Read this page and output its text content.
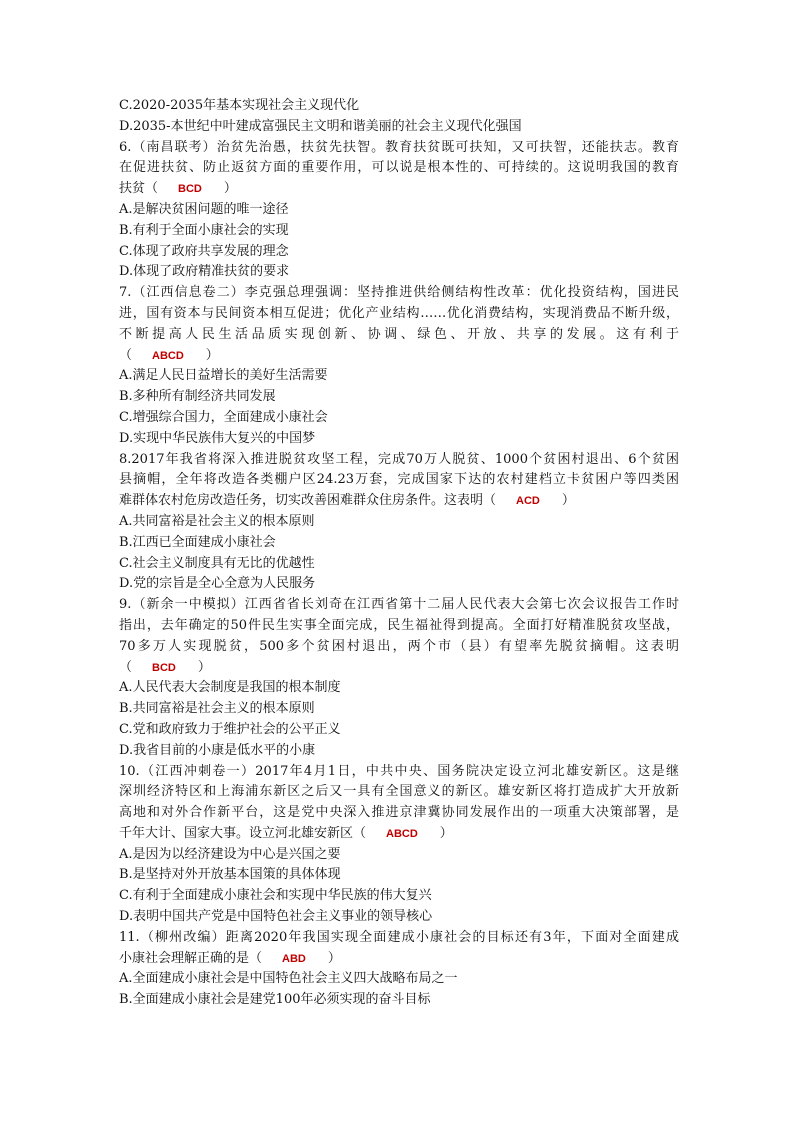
C.2020-2035年基本实现社会主义现代化
D.2035-本世纪中叶建成富强民主文明和谐美丽的社会主义现代化强国
6.（南昌联考）治贫先治愚，扶贫先扶智。教育扶贫既可扶知，又可扶智，还能扶志。教育
在促进扶贫、防止返贫方面的重要作用，可以说是根本性的、可持续的。这说明我国的教育
扶贫（ BCD ）
A.是解决贫困问题的唯一途径
B.有利于全面小康社会的实现
C.体现了政府共享发展的理念
D.体现了政府精准扶贫的要求
7.（江西信息卷二）李克强总理强调：坚持推进供给侧结构性改革：优化投资结构，国进民
进，国有资本与民间资本相互促进；优化产业结构……优化消费结构，实现消费品不断升级，
不断提高人民生活品质实现创新、协调、绿色、开放、共享的发展。这有利于
（ ABCD ）
A.满足人民日益增长的美好生活需要
B.多种所有制经济共同发展
C.增强综合国力，全面建成小康社会
D.实现中华民族伟大复兴的中国梦
8.2017年我省将深入推进脱贫攻坚工程，完成70万人脱贫、1000个贫困村退出、6个贫困
县摘帽，全年将改造各类棚户区24.23万套，完成国家下达的农村建档立卡贫困户等四类困
难群体农村危房改造任务，切实改善困难群众住房条件。这表明（ ACD ）
A.共同富裕是社会主义的根本原则
B.江西已全面建成小康社会
C.社会主义制度具有无比的优越性
D.党的宗旨是全心全意为人民服务
9.（新余一中模拟）江西省省长刘奇在江西省第十二届人民代表大会第七次会议报告工作时
指出，去年确定的50件民生实事全面完成，民生福祉得到提高。全面打好精准脱贫攻坚战，
70多万人实现脱贫，500多个贫困村退出，两个市（县）有望率先脱贫摘帽。这表明
（ BCD ）
A.人民代表大会制度是我国的根本制度
B.共同富裕是社会主义的根本原则
C.党和政府致力于维护社会的公平正义
D.我省目前的小康是低水平的小康
10.（江西冲刺卷一）2017年4月1日，中共中央、国务院决定设立河北雄安新区。这是继
深圳经济特区和上海浦东新区之后又一具有全国意义的新区。雄安新区将打造成扩大开放新
高地和对外合作新平台，这是党中央深入推进京津冀协同发展作出的一项重大决策部署，是
千年大计、国家大事。设立河北雄安新区（ ABCD ）
A.是因为以经济建设为中心是兴国之要
B.是坚持对外开放基本国策的具体体现
C.有利于全面建成小康社会和实现中华民族的伟大复兴
D.表明中国共产党是中国特色社会主义事业的领导核心
11.（柳州改编）距离2020年我国实现全面建成小康社会的目标还有3年，下面对全面建成
小康社会理解正确的是（ ABD ）
A.全面建成小康社会是中国特色社会主义四大战略布局之一
B.全面建成小康社会是建党100年必须实现的奋斗目标
